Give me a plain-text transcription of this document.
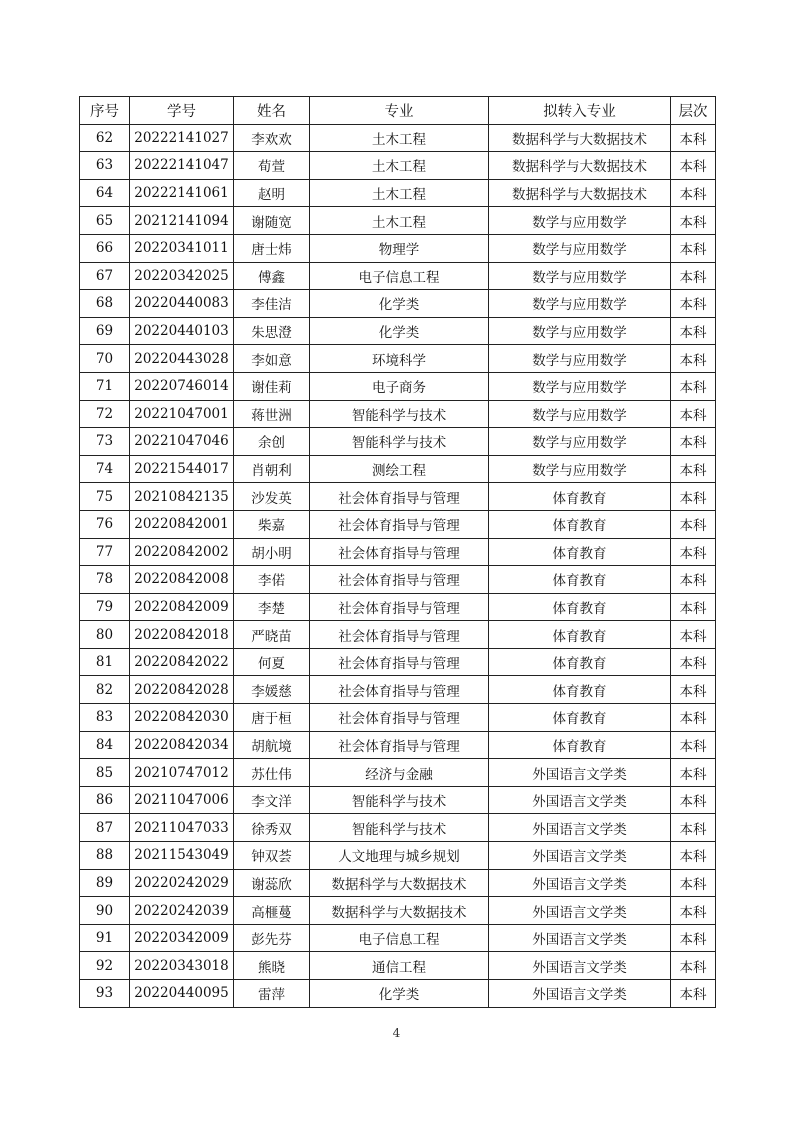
序号	学号	姓名	专业	拟转入专业	层次
62	20222141027	李欢欢	土木工程	数据科学与大数据技术	本科
63	20222141047	荀萱	土木工程	数据科学与大数据技术	本科
64	20222141061	赵明	土木工程	数据科学与大数据技术	本科
65	20212141094	谢随宽	土木工程	数学与应用数学	本科
66	20220341011	唐士炜	物理学	数学与应用数学	本科
67	20220342025	傅鑫	电子信息工程	数学与应用数学	本科
68	20220440083	李佳洁	化学类	数学与应用数学	本科
69	20220440103	朱思澄	化学类	数学与应用数学	本科
70	20220443028	李如意	环境科学	数学与应用数学	本科
71	20220746014	谢佳莉	电子商务	数学与应用数学	本科
72	20221047001	蒋世洲	智能科学与技术	数学与应用数学	本科
73	20221047046	余创	智能科学与技术	数学与应用数学	本科
74	20221544017	肖朝利	测绘工程	数学与应用数学	本科
75	20210842135	沙发英	社会体育指导与管理	体育教育	本科
76	20220842001	柴嘉	社会体育指导与管理	体育教育	本科
77	20220842002	胡小明	社会体育指导与管理	体育教育	本科
78	20220842008	李偌	社会体育指导与管理	体育教育	本科
79	20220842009	李楚	社会体育指导与管理	体育教育	本科
80	20220842018	严晓苗	社会体育指导与管理	体育教育	本科
81	20220842022	何夏	社会体育指导与管理	体育教育	本科
82	20220842028	李媛慈	社会体育指导与管理	体育教育	本科
83	20220842030	唐于桓	社会体育指导与管理	体育教育	本科
84	20220842034	胡航境	社会体育指导与管理	体育教育	本科
85	20210747012	苏仕伟	经济与金融	外国语言文学类	本科
86	20211047006	李文洋	智能科学与技术	外国语言文学类	本科
87	20211047033	徐秀双	智能科学与技术	外国语言文学类	本科
88	20211543049	钟双荟	人文地理与城乡规划	外国语言文学类	本科
89	20220242029	谢蕊欣	数据科学与大数据技术	外国语言文学类	本科
90	20220242039	高榧蔓	数据科学与大数据技术	外国语言文学类	本科
91	20220342009	彭先芬	电子信息工程	外国语言文学类	本科
92	20220343018	熊晓	通信工程	外国语言文学类	本科
93	20220440095	雷萍	化学类	外国语言文学类	本科
4
